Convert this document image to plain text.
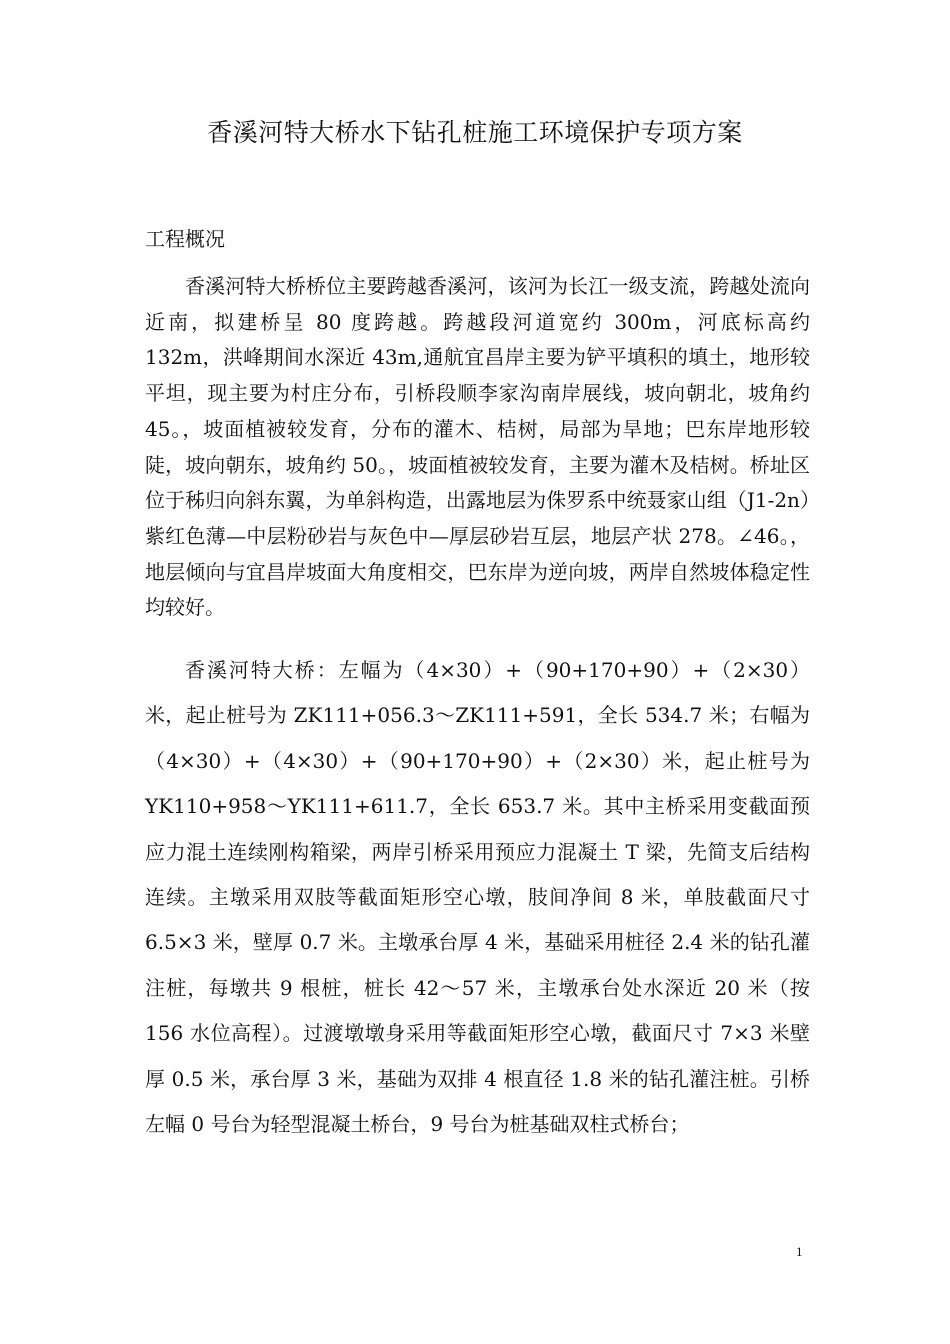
香溪河特大桥水下钻孔桩施工环境保护专项方案
工程概况

香溪河特大桥桥位主要跨越香溪河，该河为长江一级支流，跨越处流向近南，拟建桥呈 80 度跨越。跨越段河道宽约 300m，河底标高约 132m，洪峰期间水深近 43m,通航宜昌岸主要为铲平填积的填土，地形较平坦，现主要为村庄分布，引桥段顺李家沟南岸展线，坡向朝北，坡角约 45。，坡面植被较发育，分布的灌木、桔树，局部为旱地；巴东岸地形较陡，坡向朝东，坡角约 50。，坡面植被较发育，主要为灌木及桔树。桥址区位于秭归向斜东翼，为单斜构造，出露地层为侏罗系中统聂家山组（J1-2n）紫红色薄—中层粉砂岩与灰色中—厚层砂岩互层，地层产状 278。∠46。，地层倾向与宜昌岸坡面大角度相交，巴东岸为逆向坡，两岸自然坡体稳定性均较好。

香溪河特大桥：左幅为（4×30）+（90+170+90）+（2×30）米，起止桩号为 ZK111+056.3～ZK111+591，全长 534.7 米；右幅为（4×30）+（4×30）+（90+170+90）+（2×30）米，起止桩号为 YK110+958～YK111+611.7，全长 653.7 米。其中主桥采用变截面预应力混土连续刚构箱梁，两岸引桥采用预应力混凝土 T 梁，先简支后结构连续。主墩采用双肢等截面矩形空心墩，肢间净间 8 米，单肢截面尺寸 6.5×3 米，壁厚 0.7 米。主墩承台厚 4 米，基础采用桩径 2.4 米的钻孔灌注桩，每墩共 9 根桩，桩长 42～57 米，主墩承台处水深近 20 米（按 156 水位高程）。过渡墩墩身采用等截面矩形空心墩，截面尺寸 7×3 米壁厚 0.5 米，承台厚 3 米，基础为双排 4 根直径 1.8 米的钻孔灌注桩。引桥左幅 0 号台为轻型混凝土桥台，9 号台为桩基础双柱式桥台；

1
